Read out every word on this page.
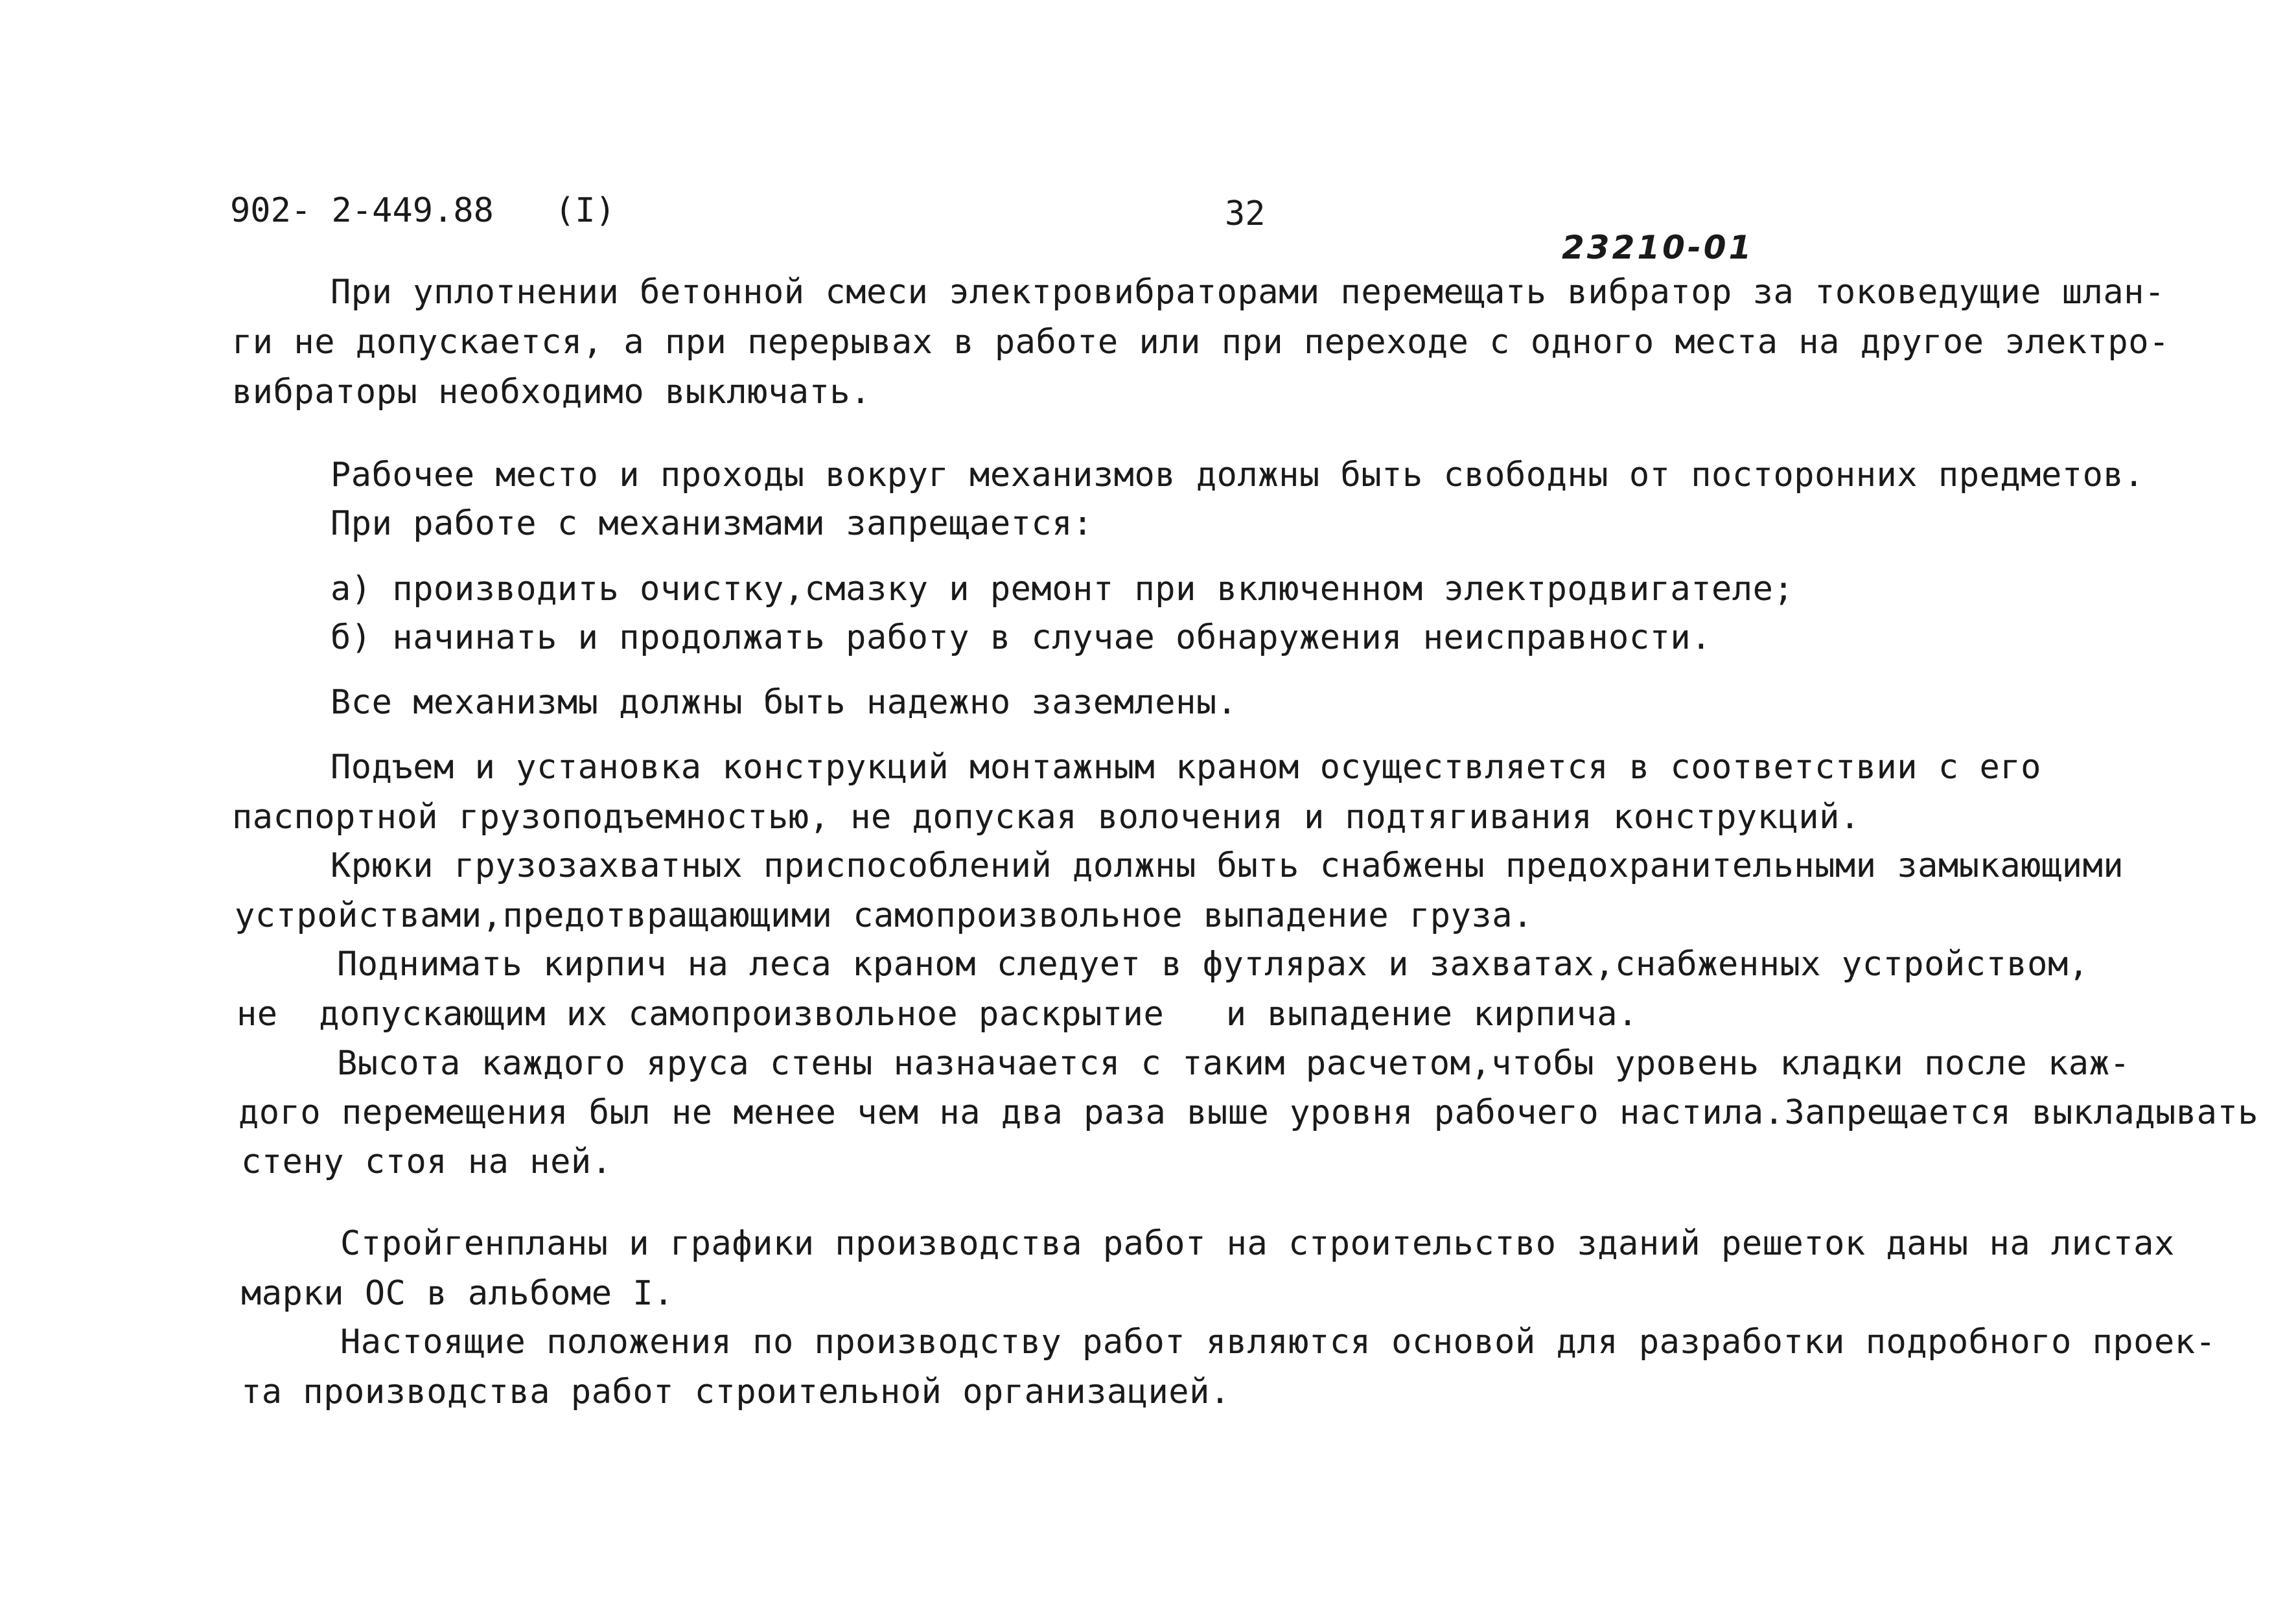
902- 2-449.88   (I)	32
23210-01
При уплотнении бетонной смеси электровибраторами перемещать вибратор за токоведущие шлан-
ги не допускается, а при перерывах в работе или при переходе с одного места на другое электро-
вибраторы необходимо выключать.
Рабочее место и проходы вокруг механизмов должны быть свободны от посторонних предметов.
При работе с механизмами запрещается:
а) производить очистку,смазку и ремонт при включенном электродвигателе;
б) начинать и продолжать работу в случае обнаружения неисправности.
Все механизмы должны быть надежно заземлены.
Подъем и установка конструкций монтажным краном осуществляется в соответствии с его
паспортной грузоподъемностью, не допуская волочения и подтягивания конструкций.
Крюки грузозахватных приспособлений должны быть снабжены предохранительными замыкающими
устройствами,предотвращающими самопроизвольное выпадение груза.
Поднимать кирпич на леса краном следует в футлярах и захватах,снабженных устройством,
не  допускающим их самопроизвольное раскрытие   и выпадение кирпича.
Высота каждого яруса стены назначается с таким расчетом,чтобы уровень кладки после каж-
дого перемещения был не менее чем на два раза выше уровня рабочего настила.Запрещается выкладывать
стену стоя на ней.
Стройгенпланы и графики производства работ на строительство зданий решеток даны на листах
марки ОС в альбоме I.
Настоящие положения по производству работ являются основой для разработки подробного проек-
та производства работ строительной организацией.
